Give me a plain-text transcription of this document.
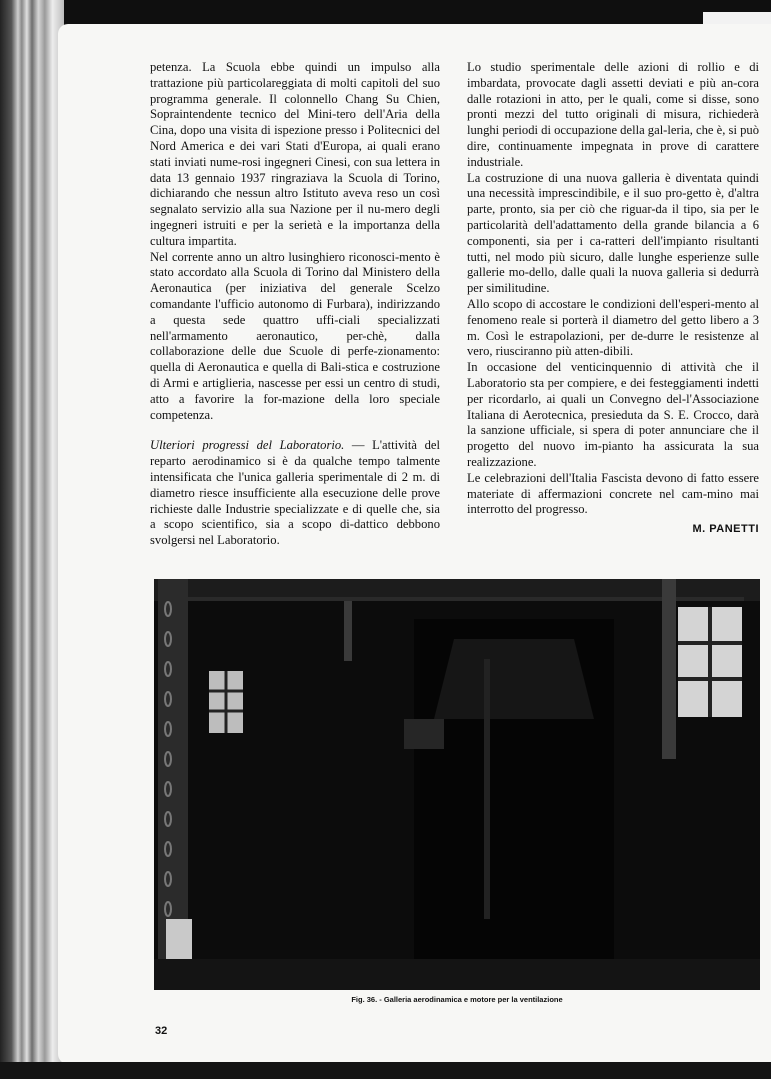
petenza. La Scuola ebbe quindi un impulso alla trattazione più particolareggiata di molti capitoli del suo programma generale. Il colonnello Chang Su Chien, Sopraintendente tecnico del Mini-tero dell'Aria della Cina, dopo una visita di ispezione presso i Politecnici del Nord America e dei vari Stati d'Europa, ai quali erano stati inviati nume-rosi ingegneri Cinesi, con sua lettera in data 13 gennaio 1937 ringraziava la Scuola di Torino, dichiarando che nessun altro Istituto aveva reso un così segnalato servizio alla sua Nazione per il nu-mero degli ingegneri istruiti e per la serietà e la importanza della cultura impartita.

Nel corrente anno un altro lusinghiero riconosci-mento è stato accordato alla Scuola di Torino dal Ministero della Aeronautica (per iniziativa del generale Scelzo comandante l'ufficio autonomo di Furbara), indirizzando a questa sede quattro uffi-ciali specializzati nell'armamento aeronautico, per-chè, dalla collaborazione delle due Scuole di perfe-zionamento: quella di Aeronautica e quella di Bali-stica e costruzione di Armi e artiglieria, nascesse per essi un centro di studi, atto a favorire la for-mazione della loro speciale competenza.

Ulteriori progressi del Laboratorio. — L'attività del reparto aerodinamico si è da qualche tempo talmente intensificata che l'unica galleria sperimentale di 2 m. di diametro riesce insufficiente alla esecuzione delle prove richieste dalle Industrie specializzate e di quelle che, sia a scopo scientifico, sia a scopo di-dattico debbono svolgersi nel Laboratorio.

Lo studio sperimentale delle azioni di rollio e di imbardata, provocate dagli assetti deviati e più an-cora dalle rotazioni in atto, per le quali, come si disse, sono pronti mezzi del tutto originali di misura, richiederà lunghi periodi di occupazione della gal-leria, che è, si può dire, continuamente impegnata in prove di carattere industriale.

La costruzione di una nuova galleria è diventata quindi una necessità imprescindibile, e il suo pro-getto è, d'altra parte, pronto, sia per ciò che riguar-da il tipo, sia per le particolarità dell'adattamento della grande bilancia a 6 componenti, sia per i ca-ratteri dell'impianto risultanti tutti, nel modo più sicuro, dalle lunghe esperienze sulle gallerie mo-dello, dalle quali la nuova galleria si dedurrà per similitudine.

Allo scopo di accostare le condizioni dell'esperi-mento al fenomeno reale si porterà il diametro del getto libero a 3 m. Così le estrapolazioni, per de-durre le resistenze al vero, riusciranno più atten-dibili.

In occasione del venticinquennio di attività che il Laboratorio sta per compiere, e dei festeggiamenti indetti per ricordarlo, ai quali un Convegno del-l'Associazione Italiana di Aerotecnica, presieduta da S. E. Crocco, darà la sanzione ufficiale, si spera di poter annunciare che il progetto del nuovo im-pianto ha assicurata la sua realizzazione.

Le celebrazioni dell'Italia Fascista devono di fatto essere materiate di affermazioni concrete nel cam-mino mai interrotto del progresso.

M. PANETTI
Fig. 36. - Galleria aerodinamica e motore per la ventilazione
32
